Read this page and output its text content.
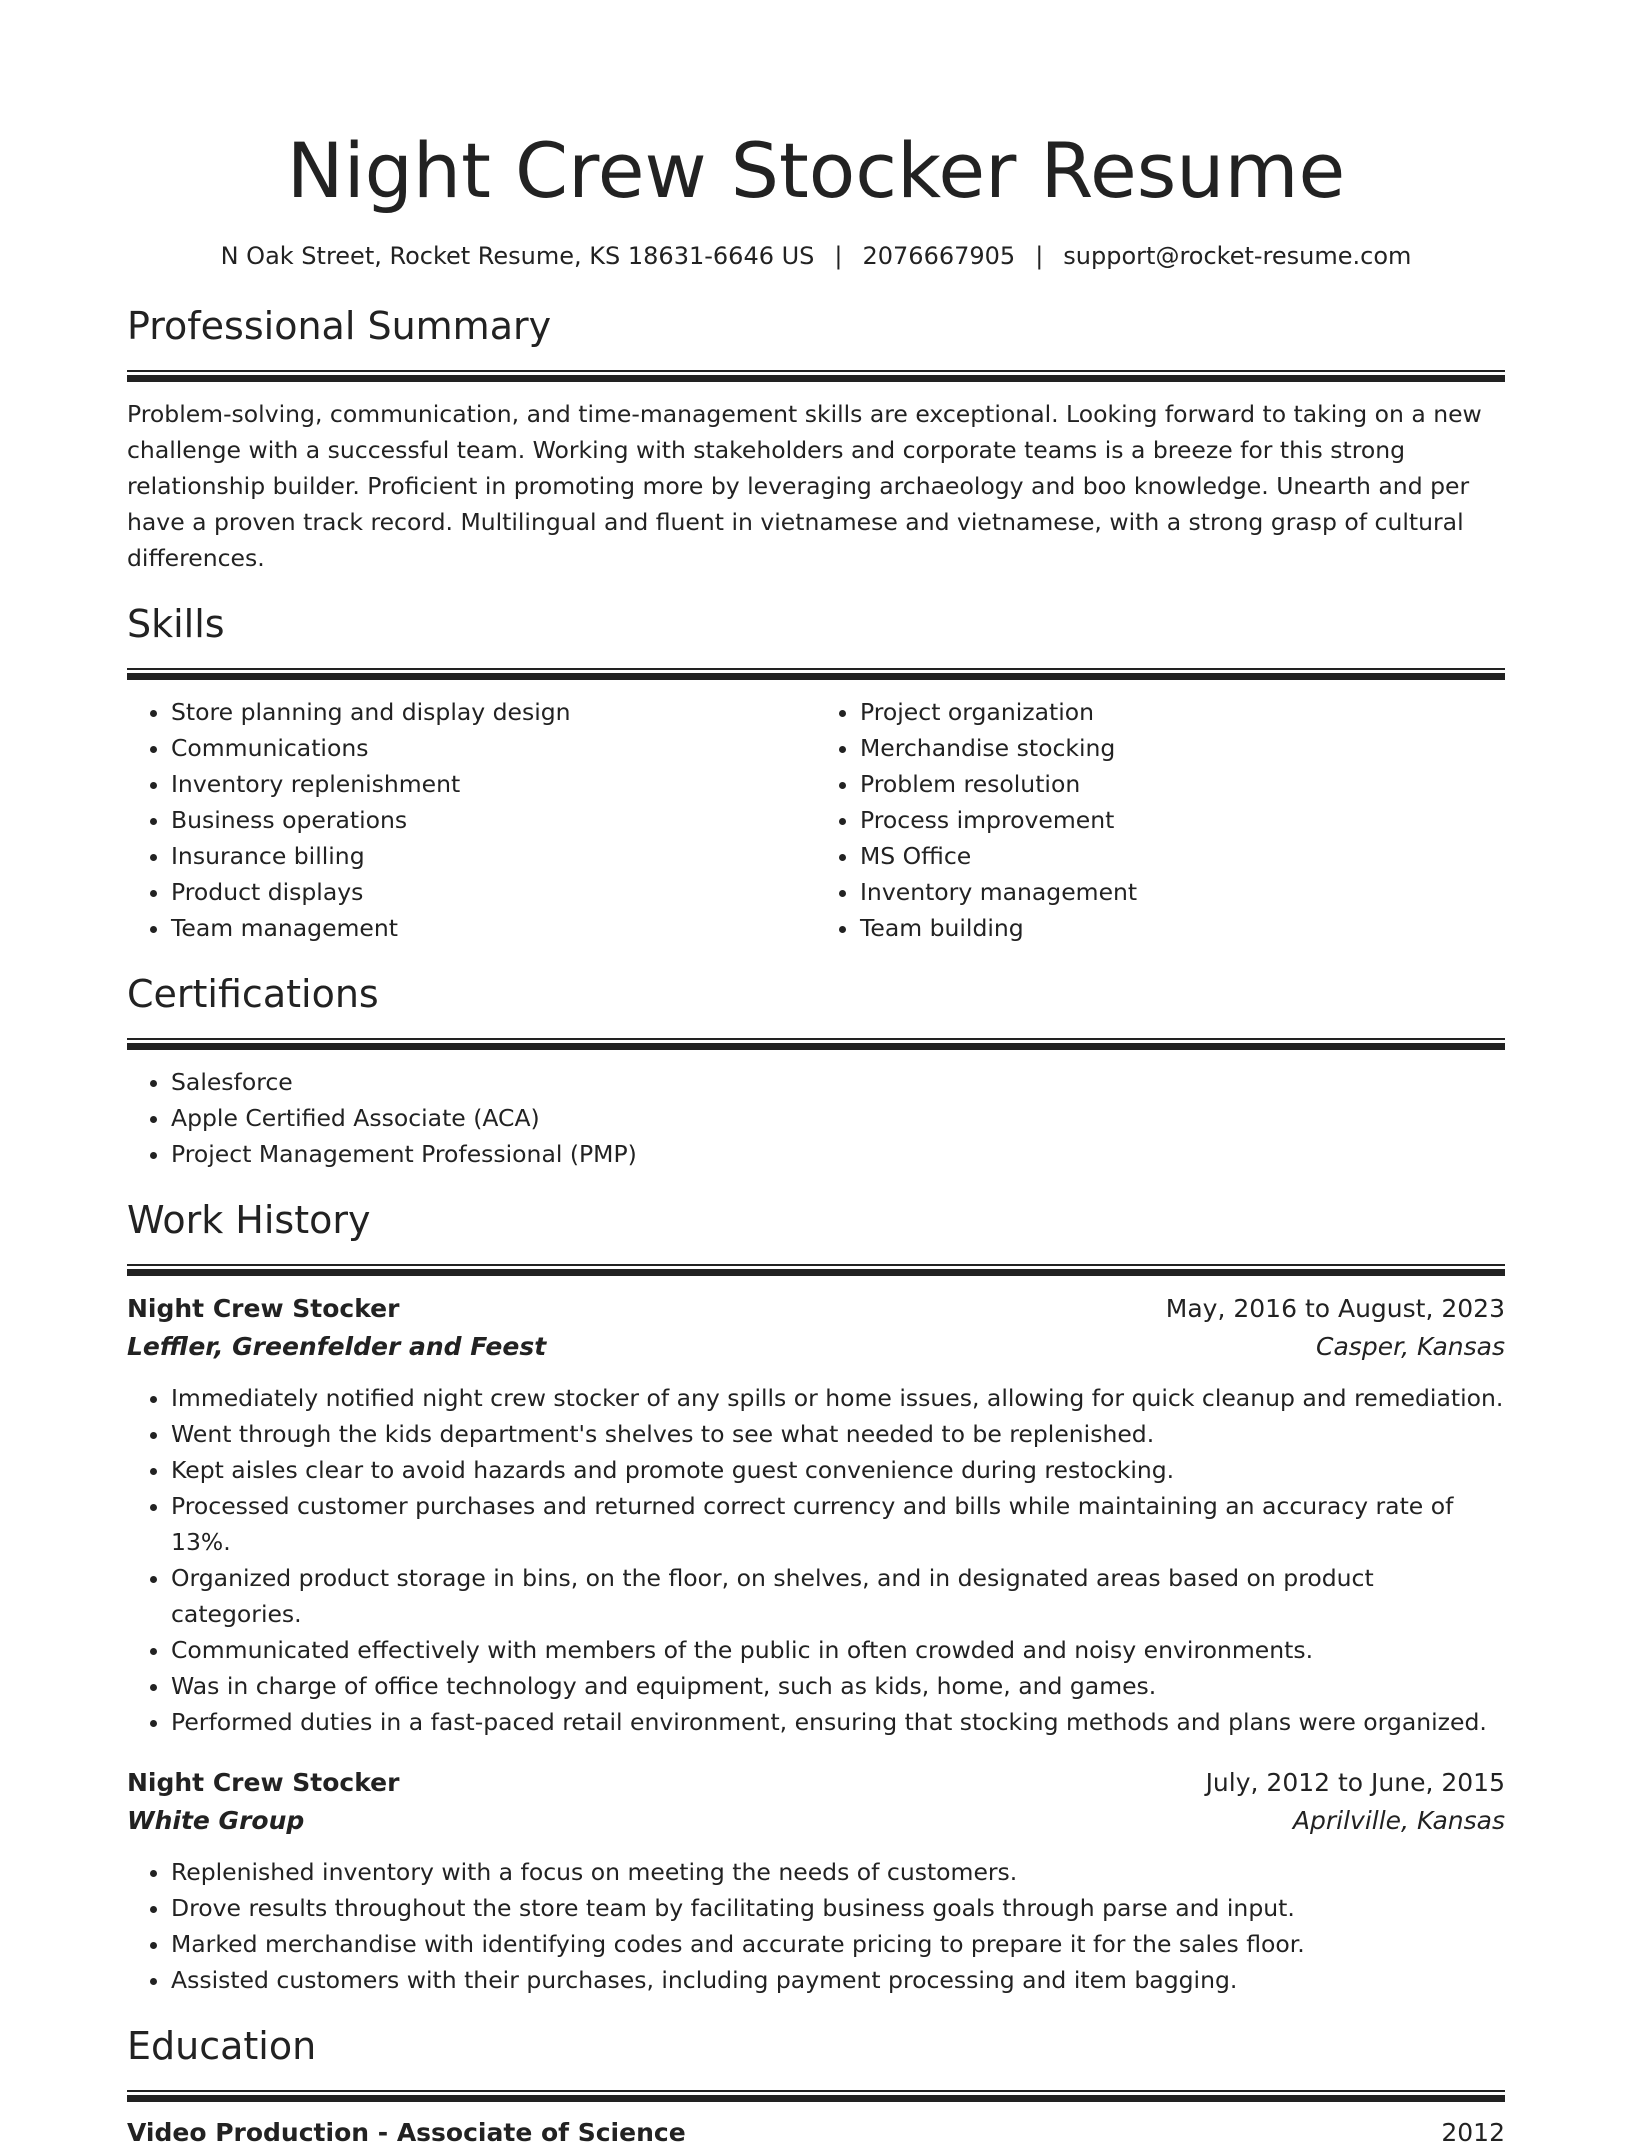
Night Crew Stocker Resume
N Oak Street, Rocket Resume, KS 18631-6646 US | 2076667905 | support@rocket-resume.com
Professional Summary

Problem-solving, communication, and time-management skills are exceptional. Looking forward to taking on a new challenge with a successful team. Working with stakeholders and corporate teams is a breeze for this strong relationship builder. Proficient in promoting more by leveraging archaeology and boo knowledge. Unearth and per have a proven track record. Multilingual and fluent in vietnamese and vietnamese, with a strong grasp of cultural differences.

Skills
• Store planning and display design
• Communications
• Inventory replenishment
• Business operations
• Insurance billing
• Product displays
• Team management
• Project organization
• Merchandise stocking
• Problem resolution
• Process improvement
• MS Office
• Inventory management
• Team building
Certifications
• Salesforce
• Apple Certified Associate (ACA)
• Project Management Professional (PMP)
Work History
Night Crew Stocker	May, 2016 to August, 2023
Leffler, Greenfelder and Feest	Casper, Kansas
• Immediately notified night crew stocker of any spills or home issues, allowing for quick cleanup and remediation.
• Went through the kids department's shelves to see what needed to be replenished.
• Kept aisles clear to avoid hazards and promote guest convenience during restocking.
• Processed customer purchases and returned correct currency and bills while maintaining an accuracy rate of 13%.
• Organized product storage in bins, on the floor, on shelves, and in designated areas based on product categories.
• Communicated effectively with members of the public in often crowded and noisy environments.
• Was in charge of office technology and equipment, such as kids, home, and games.
• Performed duties in a fast-paced retail environment, ensuring that stocking methods and plans were organized.
Night Crew Stocker	July, 2012 to June, 2015
White Group	Aprilville, Kansas
• Replenished inventory with a focus on meeting the needs of customers.
• Drove results throughout the store team by facilitating business goals through parse and input.
• Marked merchandise with identifying codes and accurate pricing to prepare it for the sales floor.
• Assisted customers with their purchases, including payment processing and item bagging.
Education
Video Production - Associate of Science	2012
